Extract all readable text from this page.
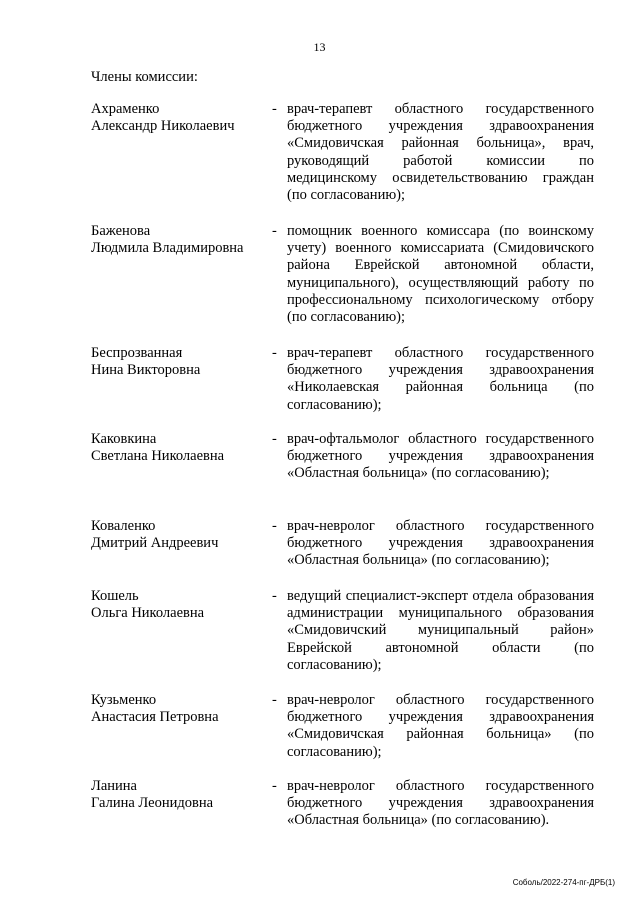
13
Члены комиссии:
Ахраменко
Александр Николаевич
- врач-терапевт областного государственного бюджетного учреждения здравоохранения «Смидовичская районная больница», врач, руководящий работой комиссии по медицинскому освидетельствованию граждан (по согласованию);
Баженова
Людмила Владимировна
- помощник военного комиссара (по воинскому учету) военного комиссариата (Смидовичского района Еврейской автономной области, муниципального), осуществляющий работу по профессиональному психологическому отбору (по согласованию);
Беспрозванная
Нина Викторовна
- врач-терапевт областного государственного бюджетного учреждения здравоохранения «Николаевская районная больница (по согласованию);
Каковкина
Светлана Николаевна
- врач-офтальмолог областного государственного бюджетного учреждения здравоохранения «Областная больница» (по согласованию);
Коваленко
Дмитрий Андреевич
- врач-невролог областного государственного бюджетного учреждения здравоохранения «Областная больница» (по согласованию);
Кошель
Ольга Николаевна
- ведущий специалист-эксперт отдела образования администрации муниципального образования «Смидовичский муниципальный район» Еврейской автономной области (по согласованию);
Кузьменко
Анастасия Петровна
- врач-невролог областного государственного бюджетного учреждения здравоохранения «Смидовичская районная больница» (по согласованию);
Ланина
Галина Леонидовна
- врач-невролог областного государственного бюджетного учреждения здравоохранения «Областная больница» (по согласованию).
Соболь/2022-274-пг-ДРБ(1)
